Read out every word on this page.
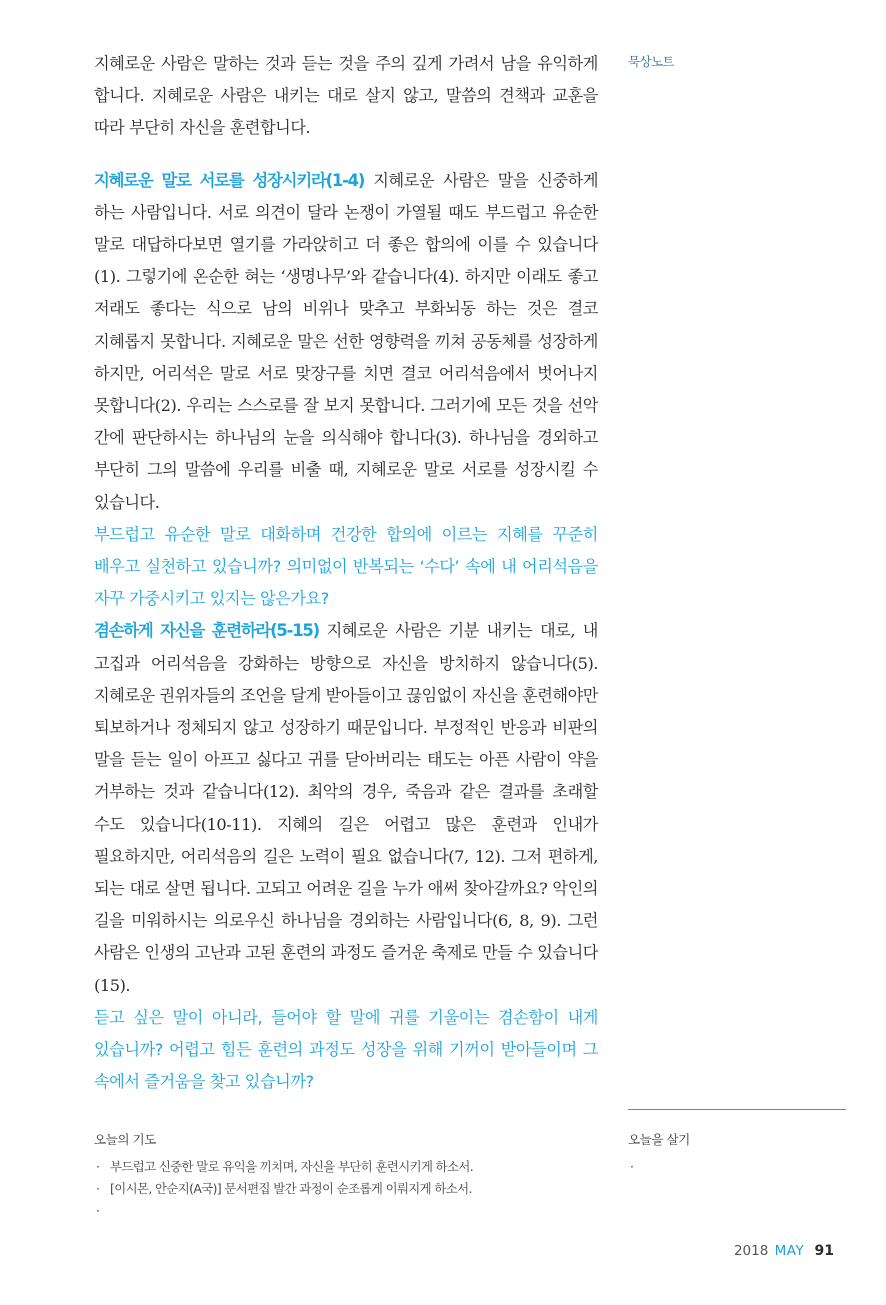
묵상노트

지혜로운 사람은 말하는 것과 듣는 것을 주의 깊게 가려서 남을 유익하게 합니다. 지혜로운 사람은 내키는 대로 살지 않고, 말씀의 견책과 교훈을 따라 부단히 자신을 훈련합니다.

지혜로운 말로 서로를 성장시키라(1-4) 지혜로운 사람은 말을 신중하게 하는 사람입니다. 서로 의견이 달라 논쟁이 가열될 때도 부드럽고 유순한 말로 대답하다보면 열기를 가라앉히고 더 좋은 합의에 이를 수 있습니다(1). 그렇기에 온순한 혀는 ‘생명나무’와 같습니다(4). 하지만 이래도 좋고 저래도 좋다는 식으로 남의 비위나 맞추고 부화뇌동 하는 것은 결코 지혜롭지 못합니다. 지혜로운 말은 선한 영향력을 끼쳐 공동체를 성장하게 하지만, 어리석은 말로 서로 맞장구를 치면 결코 어리석음에서 벗어나지 못합니다(2). 우리는 스스로를 잘 보지 못합니다. 그러기에 모든 것을 선악 간에 판단하시는 하나님의 눈을 의식해야 합니다(3). 하나님을 경외하고 부단히 그의 말씀에 우리를 비출 때, 지혜로운 말로 서로를 성장시킬 수 있습니다.

부드럽고 유순한 말로 대화하며 건강한 합의에 이르는 지혜를 꾸준히 배우고 실천하고 있습니까? 의미없이 반복되는 ‘수다’ 속에 내 어리석음을 자꾸 가중시키고 있지는 않은가요?

겸손하게 자신을 훈련하라(5-15) 지혜로운 사람은 기분 내키는 대로, 내 고집과 어리석음을 강화하는 방향으로 자신을 방치하지 않습니다(5). 지혜로운 권위자들의 조언을 달게 받아들이고 끊임없이 자신을 훈련해야만 퇴보하거나 정체되지 않고 성장하기 때문입니다. 부정적인 반응과 비판의 말을 듣는 일이 아프고 싫다고 귀를 닫아버리는 태도는 아픈 사람이 약을 거부하는 것과 같습니다(12). 최악의 경우, 죽음과 같은 결과를 초래할 수도 있습니다(10-11). 지혜의 길은 어렵고 많은 훈련과 인내가 필요하지만, 어리석음의 길은 노력이 필요 없습니다(7, 12). 그저 편하게, 되는 대로 살면 됩니다. 고되고 어려운 길을 누가 애써 찾아갈까요? 악인의 길을 미워하시는 의로우신 하나님을 경외하는 사람입니다(6, 8, 9). 그런 사람은 인생의 고난과 고된 훈련의 과정도 즐거운 축제로 만들 수 있습니다(15).

듣고 싶은 말이 아니라, 들어야 할 말에 귀를 기울이는 겸손함이 내게 있습니까? 어렵고 힘든 훈련의 과정도 성장을 위해 기꺼이 받아들이며 그 속에서 즐거움을 찾고 있습니까?

오늘의 기도
· 부드럽고 신중한 말로 유익을 끼치며, 자신을 부단히 훈련시키게 하소서.
· [이시몬, 안순지(A국)] 문서편집 발간 과정이 순조롭게 이뤄지게 하소서.
·
오늘을 살기
·
2018 MAY 91
